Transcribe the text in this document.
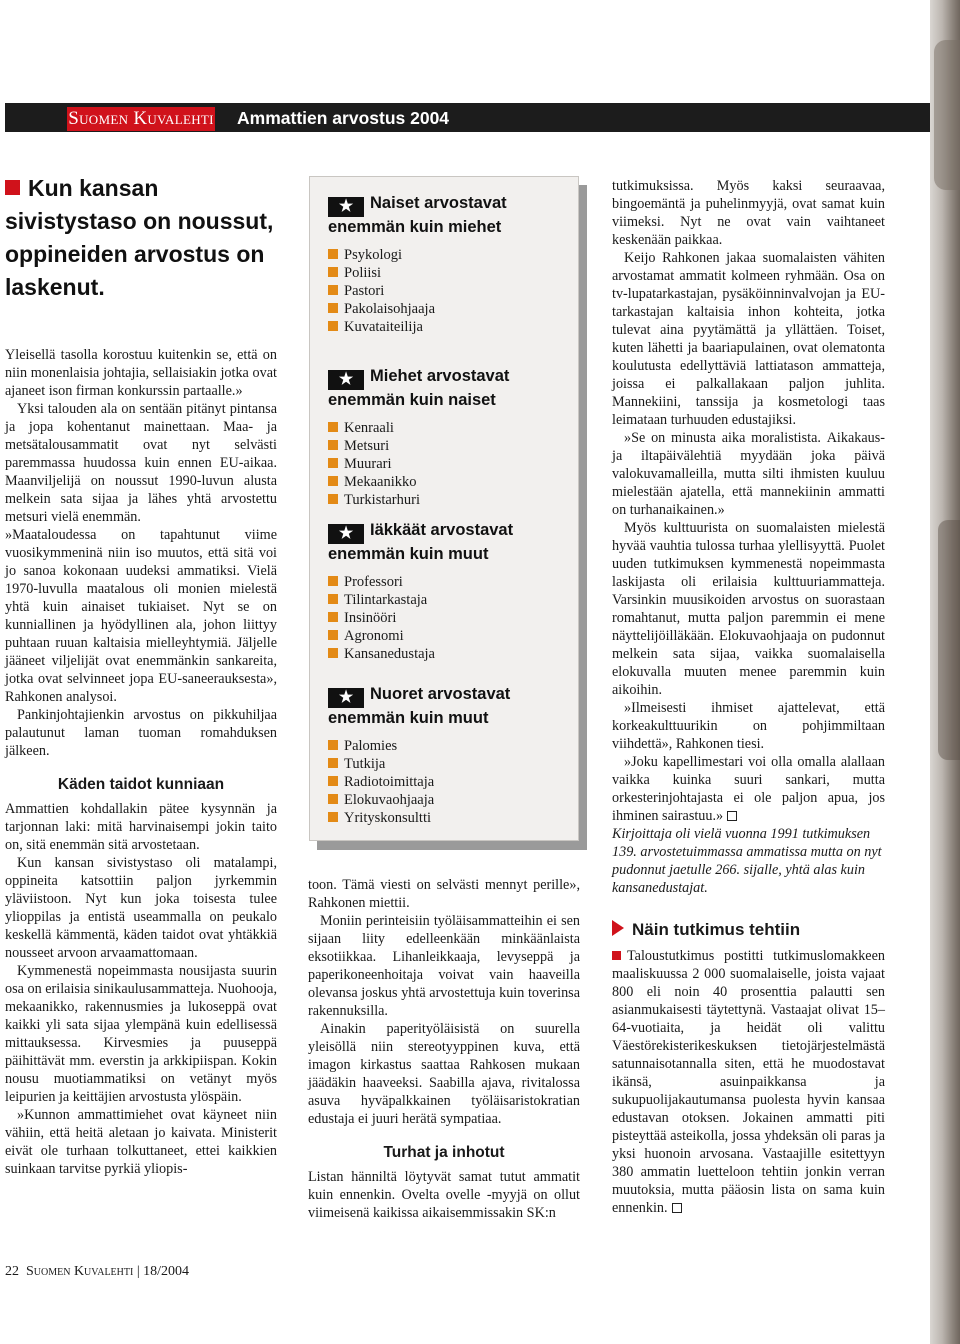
Suomen Kuvalehti Ammattien arvostus 2004
Kun kansan sivistystaso on noussut, oppineiden arvostus on laskenut.

Yleisellä tasolla korostuu kuitenkin se, että on niin monenlaisia johtajia, sellaisiakin jotka ovat ajaneet ison firman konkurssin partaalle.»

Yksi talouden ala on sentään pitänyt pintansa ja jopa kohentanut mainettaan. Maa- ja metsätalousammatit ovat nyt selvästi paremmassa huudossa kuin ennen EU-aikaa. Maanviljelijä on noussut 1990-luvun alusta melkein sata sijaa ja lähes yhtä arvostettu metsuri vielä enemmän.

»Maataloudessa on tapahtunut viime vuosikymmeninä niin iso muutos, että sitä voi jo sanoa kokonaan uudeksi ammatiksi. Vielä 1970-luvulla maatalous oli monien mielestä yhtä kuin ainaiset tukiaiset. Nyt se on kunniallinen ja hyödyllinen ala, johon liittyy puhtaan ruuan kaltaisia mielleyhtymiä. Jäljelle jääneet viljelijät ovat enemmänkin sankareita, jotka ovat selvinneet jopa EU-saneerauksesta», Rahkonen analysoi.

Pankinjohtajienkin arvostus on pikkuhiljaa palautunut laman tuoman romahduksen jälkeen.

Käden taidot kunniaan

Ammattien kohdallakin pätee kysynnän ja tarjonnan laki: mitä harvinaisempi jokin taito on, sitä enemmän sitä arvostetaan.

Kun kansan sivistystaso oli matalampi, oppineita katsottiin paljon jyrkemmin yläviistoon. Nyt kun joka toisesta tulee ylioppilas ja entistä useammalla on peukalo keskellä kämmentä, käden taidot ovat yhtäkkiä nousseet arvoon arvaamattomaan.

Kymmenestä nopeimmasta nousijasta suurin osa on erilaisia sinikaulusammatteja. Nuohooja, mekaanikko, rakennusmies ja lukoseppä ovat kaikki yli sata sijaa ylempänä kuin edellisessä mittauksessa. Kirvesmies ja puuseppä päihittävät mm. everstin ja arkkipiispan. Kokin nousu muotiammatiksi on vetänyt myös leipurien ja keittäjien arvostusta ylöspäin.

»Kunnon ammattimiehet ovat käyneet niin vähiin, että heitä aletaan jo kaivata. Ministerit eivät ole turhaan tolkuttaneet, ettei kaikkien suinkaan tarvitse pyrkiä yliopis-

★ Naiset arvostavat enemmän kuin miehet
Psykologi
Poliisi
Pastori
Pakolaisohjaaja
Kuvataiteilija
★ Miehet arvostavat enemmän kuin naiset
Kenraali
Metsuri
Muurari
Mekaanikko
Turkistarhuri
★ Iäkkäät arvostavat enemmän kuin muut
Professori
Tilintarkastaja
Insinööri
Agronomi
Kansanedustaja
★ Nuoret arvostavat enemmän kuin muut
Palomies
Tutkija
Radiotoimittaja
Elokuvaohjaaja
Yrityskonsultti

toon. Tämä viesti on selvästi mennyt perille», Rahkonen miettii.

Moniin perinteisiin työläisammatteihin ei sen sijaan liity edelleenkään minkäänlaista eksotiikkaa. Lihanleikkaaja, levyseppä ja paperikoneenhoitaja voivat vain haaveilla olevansa joskus yhtä arvostettuja kuin toverinsa rakennuksilla.

Ainakin paperityöläisistä on suurella yleisöllä niin stereotyyppinen kuva, että imagon kirkastus saattaa Rahkosen mukaan jäädäkin haaveeksi. Saabilla ajava, rivitalossa asuva hyväpalkkainen työläisaristokratian edustaja ei juuri herätä sympatiaa.

Turhat ja inhotut

Listan hänniltä löytyvät samat tutut ammatit kuin ennenkin. Ovelta ovelle -myyjä on ollut viimeisenä kaikissa aikaisemmissakin SK:n

tutkimuksissa. Myös kaksi seuraavaa, bingoemäntä ja puhelinmyyjä, ovat samat kuin viimeksi. Nyt ne ovat vain vaihtaneet keskenään paikkaa.

Keijo Rahkonen jakaa suomalaisten vähiten arvostamat ammatit kolmeen ryhmään. Osa on tv-lupatarkastajan, pysäköinninvalvojan ja EU-tarkastajan kaltaisia inhon kohteita, jotka tulevat aina pyytämättä ja yllättäen. Toiset, kuten lähetti ja baariapulainen, ovat olematonta koulutusta edellyttäviä lattiatason ammatteja, joissa ei palkallakaan paljon juhlita. Mannekiini, tanssija ja kosmetologi taas leimataan turhuuden edustajiksi.

»Se on minusta aika moralististа. Aikakaus- ja iltapäivälehtiä myydään joka päivä valokuvamalleilla, mutta silti ihmisten kuuluu mielestään ajatella, että mannekiinin ammatti on turhanaikainen.»

Myös kulttuurista on suomalaisten mielestä hyvää vauhtia tulossa turhaa ylellisyyttä. Puolet uuden tutkimuksen kymmenestä nopeimmasta laskijasta oli erilaisia kulttuuriammatteja. Varsinkin muusikoiden arvostus on suorastaan romahtanut, mutta paljon paremmin ei mene näyttelijöilläkään. Elokuvaohjaaja on pudonnut melkein sata sijaa, vaikka suomalaisella elokuvalla muuten menee paremmin kuin aikoihin.

»Ilmeisesti ihmiset ajattelevat, että korkeakulttuurikin on pohjimmiltaan viihdettä», Rahkonen tiesi.

»Joku kapellimestari voi olla omalla alallaan vaikka kuinka suuri sankari, mutta orkesterinjohtajasta ei ole paljon apua, jos ihminen sairastuu.»

Kirjoittaja oli vielä vuonna 1991 tutkimuksen 139. arvostetuimmassa ammatissa mutta on nyt pudonnut jaetulle 266. sijalle, yhtä alas kuin kansanedustajat.

Näin tutkimus tehtiin

Taloustutkimus postitti tutkimuslomakkeen maaliskuussa 2 000 suomalaiselle, joista vajaat 800 eli noin 40 prosenttia palautti sen asianmukaisesti täytettynä. Vastaajat olivat 15–64-vuotiaita, ja heidät oli valittu Väestörekisterikeskuksen tietojärjestelmästä satunnaisotannalla siten, että he muodostavat ikänsä, asuinpaikkansa ja sukupuolijakautumansa puolesta hyvin kansaa edustavan otoksen. Jokainen ammatti piti pisteyttää asteikolla, jossa yhdeksän oli paras ja yksi huonoin arvosana. Vastaajille esitettyyn 380 ammatin luetteloon tehtiin jonkin verran muutoksia, mutta pääosin lista on sama kuin ennenkin.

22 Suomen Kuvalehti | 18/2004
